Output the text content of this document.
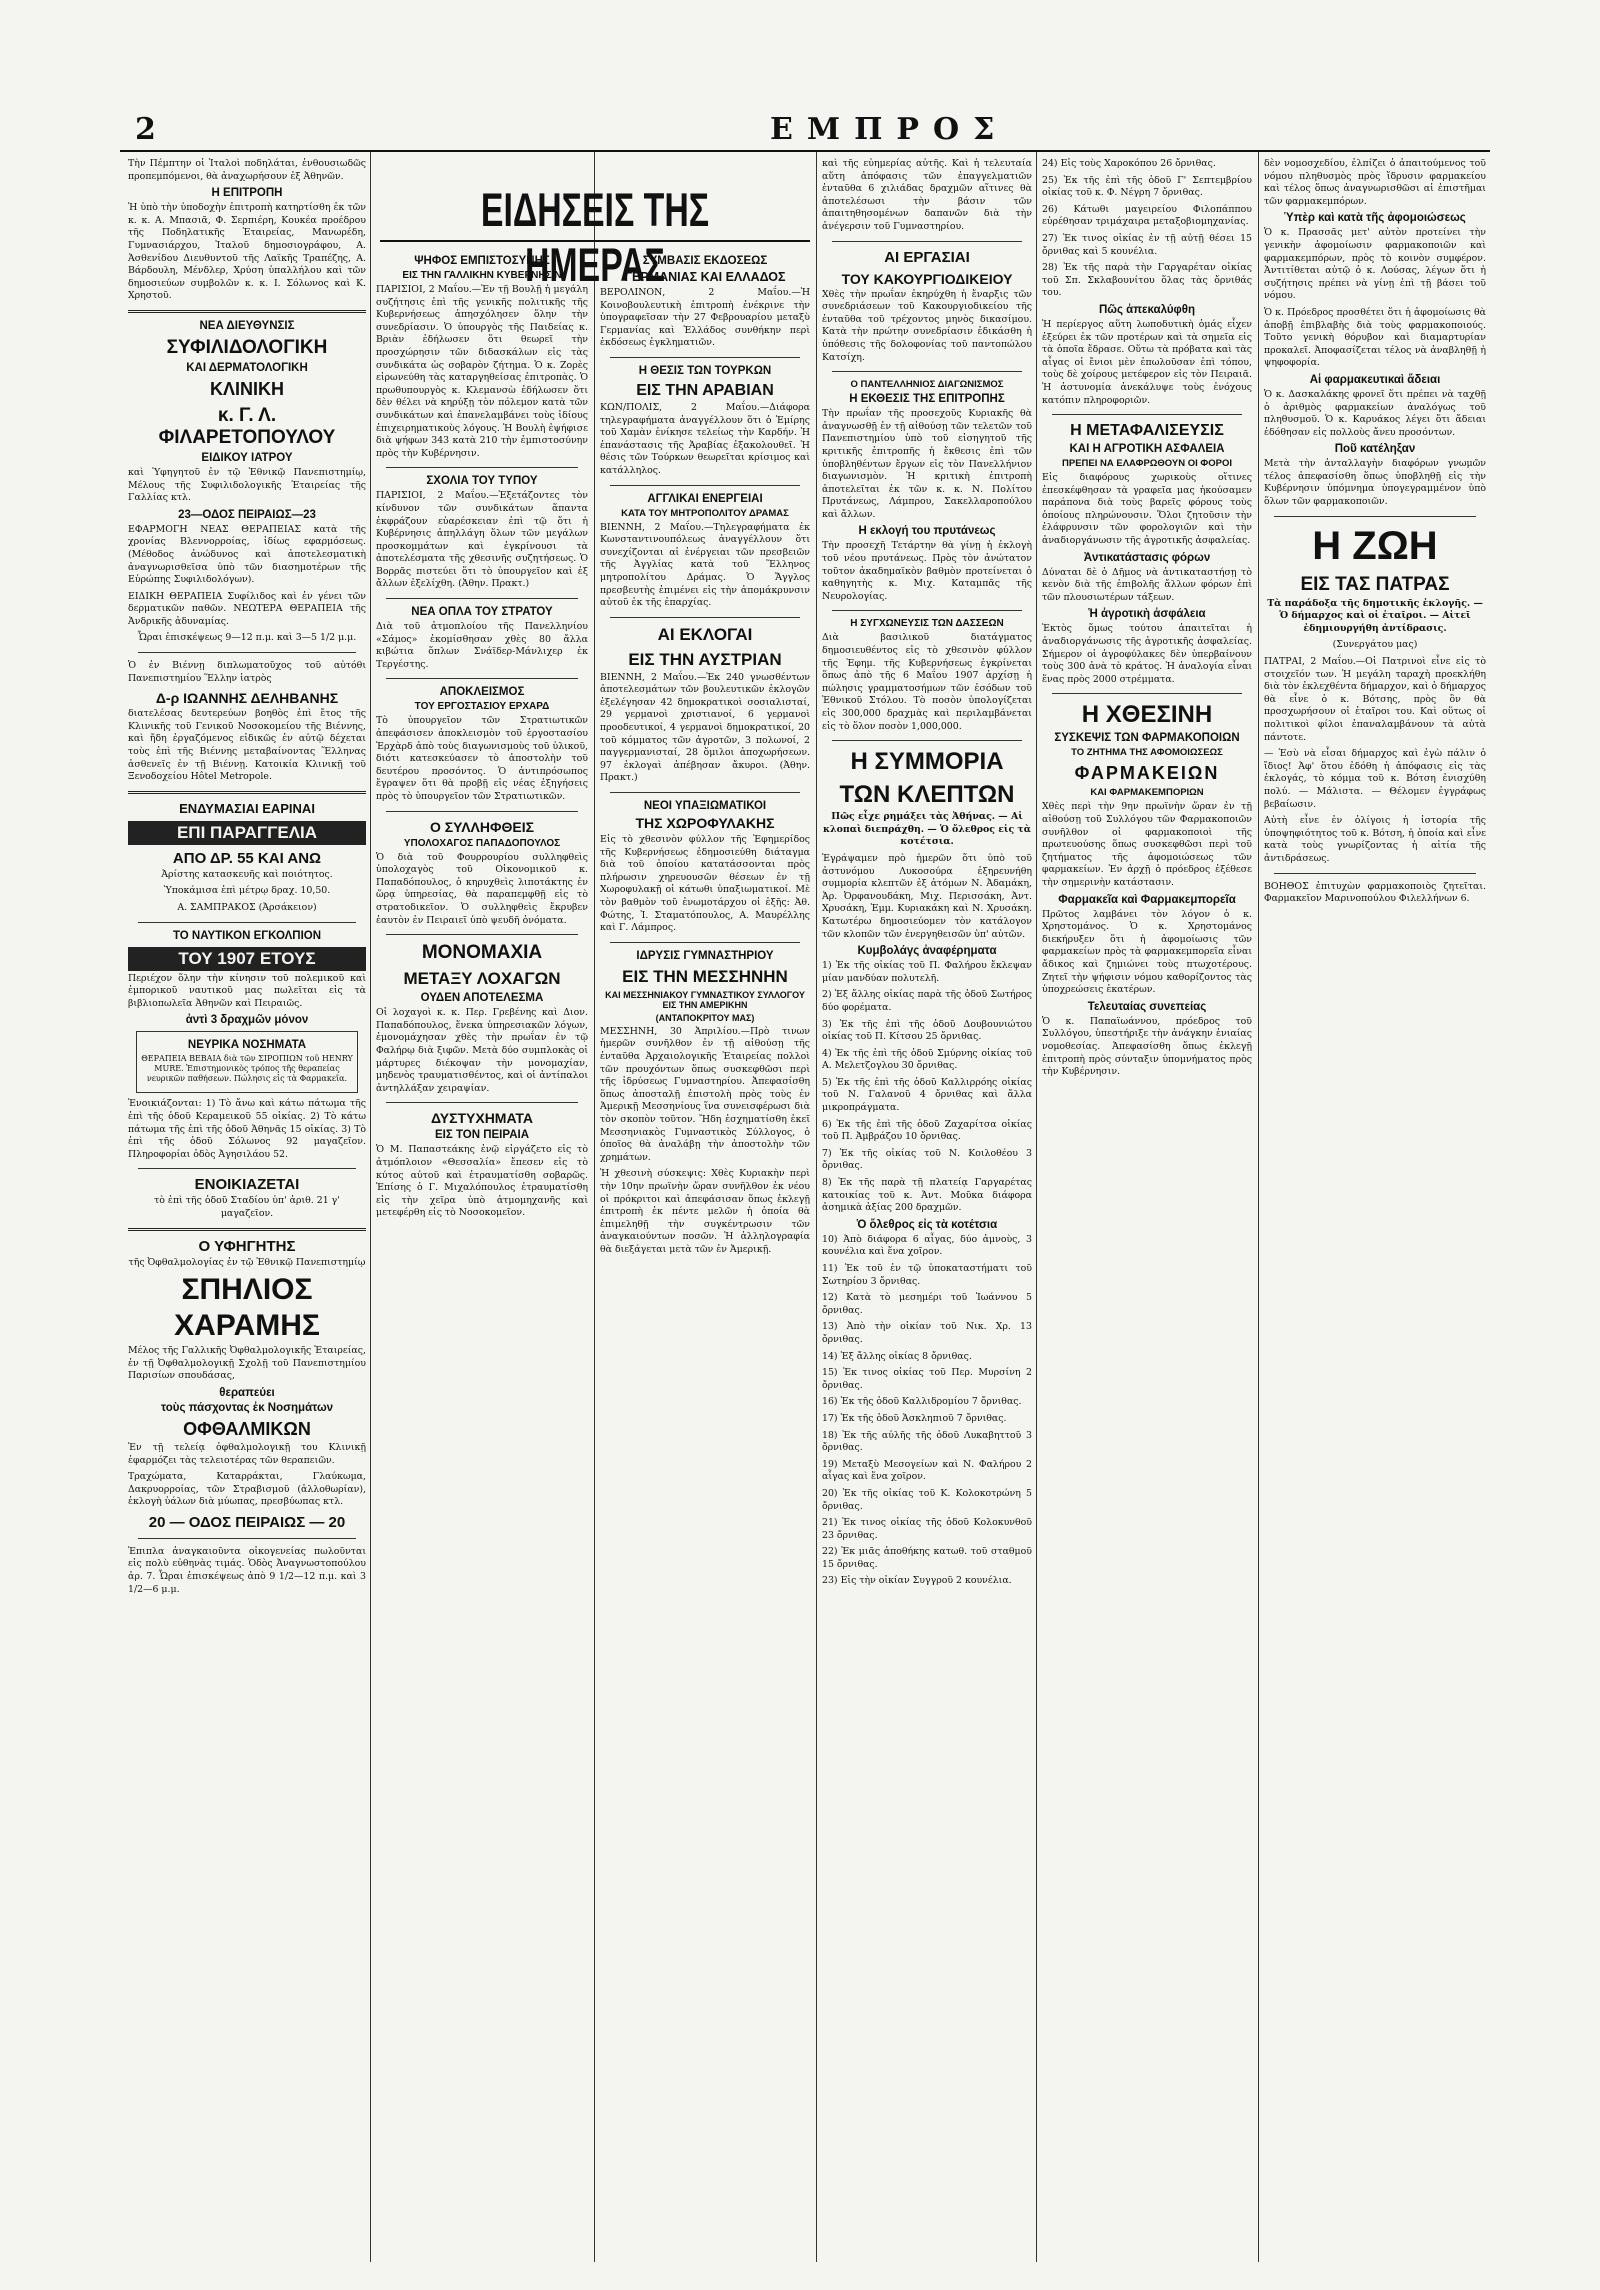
2	ΕΜΠΡΟΣ

Τὴν Πέμπτην οἱ Ἰταλοὶ ποδηλάται, ἐνθουσιωδῶς προπεμπόμενοι, θὰ ἀναχωρήσουν ἐξ Ἀθηνῶν.

Η ΕΠΙΤΡΟΠΗ

Ἡ ὑπὸ τὴν ὑποδοχὴν ἐπιτροπὴ κατηρτίσθη ἐκ τῶν κ. κ. Α. Μπασιᾶ, Φ. Σερπιέρη, Κουκέα προέδρου τῆς Ποδηλατικῆς Ἑταιρείας, Μανωρέδη, Γυμνασιάρχου, Ἰταλοῦ δημοσιογράφου, Α. Ἀσθενίδου Διευθυντοῦ τῆς Λαϊκῆς Τραπέζης, Α. Βάρδουλη, Μένδλερ, Χρύση ὑπαλλήλου καὶ τῶν δημοσιεύων συμβολῶν κ. κ. Ι. Σόλωνος καὶ Κ. Χρηστοῦ.

ΝΕΑ ΔΙΕΥΘΥΝΣΙΣ
ΣΥΦΙΛΙΔΟΛΟΓΙΚΗ
ΚΑΙ ΔΕΡΜΑΤΟΛΟΓΙΚΗ
ΚΛΙΝΙΚΗ
κ. Γ. Λ. ΦΙΛΑΡΕΤΟΠΟΥΛΟΥ
ΕΙΔΙΚΟΥ ΙΑΤΡΟΥ

καὶ Ὑφηγητοῦ ἐν τῷ Ἐθνικῷ Πανεπιστημίῳ, Μέλους τῆς Συφιλιδολογικῆς Ἑταιρείας τῆς Γαλλίας κτλ.

23—ΟΔΟΣ ΠΕΙΡΑΙΩΣ—23

ΕΦΑΡΜΟΓΗ ΝΕΑΣ ΘΕΡΑΠΕΙΑΣ κατὰ τῆς χρονίας Βλεννορροίας, ἰδίως εφαρμόσεως. (Μέθοδος ἀνώδυνος καὶ ἀποτελεσματικὴ ἀναγνωρισθεῖσα ὑπὸ τῶν διασημοτέρων τῆς Εὐρώπης Συφιλιδολόγων).

ΕΙΔΙΚΗ ΘΕΡΑΠΕΙΑ Συφίλιδος καὶ ἐν γένει τῶν δερματικῶν παθῶν. ΝΕΩΤΕΡΑ ΘΕΡΑΠΕΙΑ τῆς Ἀνδρικῆς ἀδυναμίας.

Ὧραι ἐπισκέψεως 9—12 π.μ. καὶ 3—5 1/2 μ.μ.

Ὁ ἐν Βιέννῃ διπλωματοῦχος τοῦ αὐτόθι Πανεπιστημίου Ἕλλην ἰατρὸς

Δ-ρ ΙΩΑΝΝΗΣ ΔΕΛΗΒΑΝΗΣ

διατελέσας δευτερεύων βοηθὸς ἐπὶ ἔτος τῆς Κλινικῆς τοῦ Γενικοῦ Νοσοκομείου τῆς Βιέννης, καὶ ἤδη ἐργαζόμενος εἰδικῶς ἐν αὐτῷ δέχεται τοὺς ἐπὶ τῆς Βιέννης μεταβαίνοντας Ἕλληνας ἀσθενεῖς ἐν τῇ Βιέννῃ. Κατοικία Κλινικῇ τοῦ Ξενοδοχείου Hôtel Metropole.

ΕΝΔΥΜΑΣΙΑΙ ΕΑΡΙΝΑΙ
ΕΠΙ ΠΑΡΑΓΓΕΛΙΑ
ΑΠΟ ΔΡ. 55 ΚΑΙ ΑΝΩ

Ἀρίστης κατασκευῆς καὶ ποιότητος.

Ὑποκάμισα ἐπὶ μέτρῳ δραχ. 10,50.

Α. ΣΑΜΠΡΑΚΟΣ (Ἀρσάκειον)

ΤΟ ΝΑΥΤΙΚΟΝ ΕΓΚΟΛΠΙΟΝ
ΤΟΥ 1907 ΕΤΟΥΣ

Περιέχον ὅλην τὴν κίνησιν τοῦ πολεμικοῦ καὶ ἐμπορικοῦ ναυτικοῦ μας πωλεῖται εἰς τὰ βιβλιοπωλεῖα Ἀθηνῶν καὶ Πειραιῶς.

ἀντὶ 3 δραχμῶν μόνον
ΝΕΥΡΙΚΑ ΝΟΣΗΜΑΤΑ

ΘΕΡΑΠΕΙΑ ΒΕΒΑΙΑ διὰ τῶν ΣΙΡΟΠΙΩΝ τοῦ HENRY MURE. Ἐπιστημονικὸς τρόπος τῆς θεραπείας νευρικῶν παθήσεων. Πώλησις εἰς τὰ Φαρμακεῖα.

Ἐνοικιάζονται: 1) Τὸ ἄνω καὶ κάτω πάτωμα τῆς ἐπὶ τῆς ὁδοῦ Κεραμεικοῦ 55 οἰκίας. 2) Τὸ κάτω πάτωμα τῆς ἐπὶ τῆς ὁδοῦ Ἀθηνᾶς 15 οἰκίας. 3) Τὸ ἐπὶ τῆς ὁδοῦ Σόλωνος 92 μαγαζεῖον. Πληροφορίαι ὁδὸς Ἀγησιλάου 52.

ΕΝΟΙΚΙΑΖΕΤΑΙ

τὸ ἐπὶ τῆς ὁδοῦ Σταδίου ὑπ' ἀριθ. 21 γ' μαγαζεῖον.

Ο ΥΦΗΓΗΤΗΣ

τῆς Ὀφθαλμολογίας ἐν τῷ Ἐθνικῷ Πανεπιστημίῳ

ΣΠΗΛΙΟΣ
ΧΑΡΑΜΗΣ

Μέλος τῆς Γαλλικῆς Ὀφθαλμολογικῆς Ἑταιρείας, ἐν τῇ Ὀφθαλμολογικῇ Σχολῇ τοῦ Πανεπιστημίου Παρισίων σπουδάσας,

θεραπεύει
τοὺς πάσχοντας ἐκ Νοσημάτων
ΟΦΘΑΛΜΙΚΩΝ

Ἐν τῇ τελείᾳ ὀφθαλμολογικῇ του Κλινικῇ ἐφαρμόζει τὰς τελειοτέρας τῶν θεραπειῶν.

Τραχώματα, Καταρράκται, Γλαύκωμα, Δακρυορροίας, τῶν Στραβισμοῦ (ἀλλοθωρίαν), ἐκλογὴ ὑάλων διὰ μύωπας, πρεσβύωπας κτλ.

20 — ΟΔΟΣ ΠΕΙΡΑΙΩΣ — 20

Ἐπιπλα ἀναγκαιοῦντα οἰκογενείας πωλοῦνται εἰς πολὺ εὐθηνὰς τιμάς. Ὁδὸς Ἀναγνωστοπούλου ἀρ. 7. Ὧραι ἐπισκέψεως ἀπὸ 9 1/2—12 π.μ. καὶ 3 1/2—6 μ.μ.

ΕΙΔΗΣΕΙΣ ΤΗΣ ΗΜΕΡΑΣ
ΨΗΦΟΣ ΕΜΠΙΣΤΟΣΥΝΗΣ
ΕΙΣ ΤΗΝ ΓΑΛΛΙΚΗΝ ΚΥΒΕΡΝΗΣΙΝ

ΠΑΡΙΣΙΟΙ, 2 Μαΐου.—Ἐν τῇ Βουλῇ ἡ μεγάλη συζήτησις ἐπὶ τῆς γενικῆς πολιτικῆς τῆς Κυβερνήσεως ἀπησχόλησεν ὅλην τὴν συνεδρίασιν. Ὁ ὑπουργὸς τῆς Παιδείας κ. Βριὰν ἐδήλωσεν ὅτι θεωρεῖ τὴν προσχώρησιν τῶν διδασκάλων εἰς τὰς συνδικάτα ὡς σοβαρὸν ζήτημα. Ὁ κ. Ζορὲς εἰρωνεύθη τὰς καταργηθείσας ἐπιτροπὰς. Ὁ πρωθυπουργὸς κ. Κλεμανσὼ ἐδήλωσεν ὅτι δὲν θέλει νὰ κηρύξῃ τὸν πόλεμον κατὰ τῶν συνδικάτων καὶ ἐπανελαμβάνει τοὺς ἰδίους ἐπιχειρηματικοὺς λόγους. Ἡ Βουλὴ ἐψήφισε διὰ ψήφων 343 κατὰ 210 τὴν ἐμπιστοσύνην πρὸς τὴν Κυβέρνησιν.

ΣΧΟΛΙΑ ΤΟΥ ΤΥΠΟΥ

ΠΑΡΙΣΙΟΙ, 2 Μαΐου.—Ἐξετάζοντες τὸν κίνδυνον τῶν συνδικάτων ἅπαντα ἐκφράζουν εὐαρέσκειαν ἐπὶ τῷ ὅτι ἡ Κυβέρνησις ἀπηλλάγη ὅλων τῶν μεγάλων προσκομμάτων καὶ ἐγκρίνουσι τὰ ἀποτελέσματα τῆς χθεσινῆς συζητήσεως. Ὁ Βορρᾶς πιστεύει ὅτι τὸ ὑπουργεῖον καὶ ἐξ ἄλλων ἐξελίχθη. (Ἀθην. Πρακτ.)

ΝΕΑ ΟΠΛΑ ΤΟΥ ΣΤΡΑΤΟΥ

Διὰ τοῦ ἀτμοπλοίου τῆς Πανελληνίου «Σάμος» ἐκομίσθησαν χθὲς 80 ἄλλα κιβώτια ὅπλων Σνάϊδερ-Μάνλιχερ ἐκ Τεργέστης.

ΑΠΟΚΛΕΙΣΜΟΣ
ΤΟΥ ΕΡΓΟΣΤΑΣΙΟΥ ΕΡΧΑΡΔ

Τὸ ὑπουργεῖον τῶν Στρατιωτικῶν ἀπεφάσισεν ἀποκλεισμὸν τοῦ ἐργοστασίου Ἐρχὰρδ ἀπὸ τοὺς διαγωνισμοὺς τοῦ ὑλικοῦ, διότι κατεσκεύασεν τὸ ἀποστολὴν τοῦ δευτέρου προσόντος. Ὁ ἀντιπρόσωπος ἔγραψεν ὅτι θὰ προβῇ εἰς νέας ἐξηγήσεις πρὸς τὸ ὑπουργεῖον τῶν Στρατιωτικῶν.

Ο ΣΥΛΛΗΦΘΕΙΣ
ΥΠΟΛΟΧΑΓΟΣ ΠΑΠΑΔΟΠΟΥΛΟΣ

Ὁ διὰ τοῦ Φουρρουρίου συλληφθεὶς ὑπολοχαγὸς τοῦ Οἰκονομικοῦ κ. Παπαδόπουλος, ὁ κηρυχθεὶς λιποτάκτης ἐν ὥρᾳ ὑπηρεσίας, θὰ παραπεμφθῇ εἰς τὸ στρατοδικεῖον. Ὁ συλληφθεὶς ἔκρυβεν ἑαυτὸν ἐν Πειραιεῖ ὑπὸ ψευδῆ ὀνόματα.

ΜΟΝΟΜΑΧΙΑ
ΜΕΤΑΞΥ ΛΟΧΑΓΩΝ
ΟΥΔΕΝ ΑΠΟΤΕΛΕΣΜΑ

Οἱ λοχαγοὶ κ. κ. Περ. Γρεβένης καὶ Διον. Παπαδόπουλος, ἕνεκα ὑπηρεσιακῶν λόγων, ἐμονομάχησαν χθὲς τὴν πρωΐαν ἐν τῷ Φαλήρῳ διὰ ξιφῶν. Μετὰ δύο συμπλοκὰς οἱ μάρτυρες διέκοψαν τὴν μονομαχίαν, μηδενὸς τραυματισθέντος, καὶ οἱ ἀντίπαλοι ἀντηλλάξαν χειραψίαν.

ΔΥΣΤΥΧΗΜΑΤΑ
ΕΙΣ ΤΟΝ ΠΕΙΡΑΙΑ

Ὁ Μ. Παπαστεάκης ἐνῷ εἰργάζετο εἰς τὸ ἀτμόπλοιον «Θεσσαλία» ἔπεσεν εἰς τὸ κύτος αὐτοῦ καὶ ἐτραυματίσθη σοβαρῶς. Ἐπίσης ὁ Γ. Μιχαλόπουλος ἐτραυματίσθη εἰς τὴν χεῖρα ὑπὸ ἀτμομηχανῆς καὶ μετεφέρθη εἰς τὸ Νοσοκομεῖον.

ΣΥΜΒΑΣΙΣ ΕΚΔΟΣΕΩΣ
ΓΕΡΜΑΝΙΑΣ ΚΑΙ ΕΛΛΑΔΟΣ

ΒΕΡΟΛΙΝΟΝ, 2 Μαΐου.—Ἡ Κοινοβουλευτικὴ ἐπιτροπὴ ἐνέκρινε τὴν ὑπογραφεῖσαν τὴν 27 Φεβρουαρίου μεταξὺ Γερμανίας καὶ Ἑλλάδος συνθήκην περὶ ἐκδόσεως ἐγκληματιῶν.

Η ΘΕΣΙΣ ΤΩΝ ΤΟΥΡΚΩΝ
ΕΙΣ ΤΗΝ ΑΡΑΒΙΑΝ

ΚΩΝ/ΠΟΛΙΣ, 2 Μαΐου.—Διάφορα τηλεγραφήματα ἀναγγέλλουν ὅτι ὁ Ἐμίρης τοῦ Χαμὰν ἐνίκησε τελείως τὴν Καρδήν. Ἡ ἐπανάστασις τῆς Ἀραβίας ἐξακολουθεῖ. Ἡ θέσις τῶν Τούρκων θεωρεῖται κρίσιμος καὶ κατάλληλος.

ΑΓΓΛΙΚΑΙ ΕΝΕΡΓΕΙΑΙ
ΚΑΤΑ ΤΟΥ ΜΗΤΡΟΠΟΛΙΤΟΥ ΔΡΑΜΑΣ

ΒΙΕΝΝΗ, 2 Μαΐου.—Τηλεγραφήματα ἐκ Κωνσταντινουπόλεως ἀναγγέλλουν ὅτι συνεχίζονται αἱ ἐνέργειαι τῶν πρεσβειῶν τῆς Ἀγγλίας κατὰ τοῦ Ἕλληνος μητροπολίτου Δράμας. Ὁ Ἄγγλος πρεσβευτὴς ἐπιμένει εἰς τὴν ἀπομάκρυνσιν αὐτοῦ ἐκ τῆς ἐπαρχίας.

ΑΙ ΕΚΛΟΓΑΙ
ΕΙΣ ΤΗΝ ΑΥΣΤΡΙΑΝ

ΒΙΕΝΝΗ, 2 Μαΐου.—Ἐκ 240 γνωσθέντων ἀποτελεσμάτων τῶν βουλευτικῶν ἐκλογῶν ἐξελέγησαν 42 δημοκρατικοὶ σοσιαλισταί, 29 γερμανοὶ χριστιανοί, 6 γερμανοὶ προοδευτικοί, 4 γερμανοὶ δημοκρατικοί, 20 τοῦ κόμματος τῶν ἀγροτῶν, 3 πολωνοί, 2 παγγερμανισταί, 28 ὅμιλοι ἀποχωρήσεων. 97 ἐκλογαὶ ἀπέβησαν ἄκυροι. (Ἀθην. Πρακτ.)

ΝΕΟΙ ΥΠΑΞΙΩΜΑΤΙΚΟΙ
ΤΗΣ ΧΩΡΟΦΥΛΑΚΗΣ

Εἰς τὸ χθεσινὸν φύλλον τῆς Ἐφημερίδος τῆς Κυβερνήσεως ἐδημοσιεύθη διάταγμα διὰ τοῦ ὁποίου κατατάσσονται πρὸς πλήρωσιν χηρευουσῶν θέσεων ἐν τῇ Χωροφυλακῇ οἱ κάτωθι ὑπαξιωματικοί. Μὲ τὸν βαθμὸν τοῦ ἐνωμοτάρχου οἱ ἑξῆς: Ἀθ. Φώτης, Ἰ. Σταματόπουλος, Α. Μαυρέλλης καὶ Γ. Λάμπρος.

ΙΔΡΥΣΙΣ ΓΥΜΝΑΣΤΗΡΙΟΥ
ΕΙΣ ΤΗΝ ΜΕΣΣΗΝΗΝ
ΚΑΙ ΜΕΣΣΗΝΙΑΚΟΥ ΓΥΜΝΑΣΤΙΚΟΥ ΣΥΛΛΟΓΟΥ ΕΙΣ ΤΗΝ ΑΜΕΡΙΚΗΝ
(ΑΝΤΑΠΟΚΡΙΤΟΥ ΜΑΣ)

ΜΕΣΣΗΝΗ, 30 Ἀπριλίου.—Πρὸ τινων ἡμερῶν συνῆλθον ἐν τῇ αἰθούσῃ τῆς ἐνταῦθα Ἀρχαιολογικῆς Ἑταιρείας πολλοὶ τῶν προυχόντων ὅπως συσκεφθῶσι περὶ τῆς ἱδρύσεως Γυμναστηρίου. Ἀπεφασίσθη ὅπως ἀποσταλῇ ἐπιστολὴ πρὸς τοὺς ἐν Ἀμερικῇ Μεσσηνίους ἵνα συνεισφέρωσι διὰ τὸν σκοπὸν τοῦτον. Ἤδη ἐσχηματίσθη ἐκεῖ Μεσσηνιακὸς Γυμναστικὸς Σύλλογος, ὁ ὁποῖος θὰ ἀναλάβῃ τὴν ἀποστολὴν τῶν χρημάτων.

Ἡ χθεσινὴ σύσκεψις: Χθὲς Κυριακὴν περὶ τὴν 10ην πρωϊνὴν ὥραν συνῆλθον ἐκ νέου οἱ πρόκριτοι καὶ ἀπεφάσισαν ὅπως ἐκλεγῇ ἐπιτροπὴ ἐκ πέντε μελῶν ἡ ὁποία θὰ ἐπιμεληθῇ τὴν συγκέντρωσιν τῶν ἀναγκαιούντων ποσῶν. Ἡ ἀλληλογραφία θὰ διεξάγεται μετὰ τῶν ἐν Ἀμερικῇ.

καὶ τῆς εὐημερίας αὐτῆς. Καὶ ἡ τελευταία αὕτη ἀπόφασις τῶν ἐπαγγελματιῶν ἐνταῦθα 6 χιλιάδας δραχμῶν αἵτινες θὰ ἀποτελέσωσι τὴν βάσιν τῶν ἀπαιτηθησομένων δαπανῶν διὰ τὴν ἀνέγερσιν τοῦ Γυμναστηρίου.

ΑΙ ΕΡΓΑΣΙΑΙ
ΤΟΥ ΚΑΚΟΥΡΓΙΟΔΙΚΕΙΟΥ

Χθὲς τὴν πρωΐαν ἐκηρύχθη ἡ ἔναρξις τῶν συνεδριάσεων τοῦ Κακουργιοδικείου τῆς ἐνταῦθα τοῦ τρέχοντος μηνὸς δικασίμου. Κατὰ τὴν πρώτην συνεδρίασιν ἐδικάσθη ἡ ὑπόθεσις τῆς δολοφονίας τοῦ παντοπώλου Κατσίχη.

Ο ΠΑΝΤΕΛΛΗΝΙΟΣ ΔΙΑΓΩΝΙΣΜΟΣ
Η ΕΚΘΕΣΙΣ ΤΗΣ ΕΠΙΤΡΟΠΗΣ

Τὴν πρωΐαν τῆς προσεχοῦς Κυριακῆς θὰ ἀναγνωσθῇ ἐν τῇ αἰθούσῃ τῶν τελετῶν τοῦ Πανεπιστημίου ὑπὸ τοῦ εἰσηγητοῦ τῆς κριτικῆς ἐπιτροπῆς ἡ ἔκθεσις ἐπὶ τῶν ὑποβληθέντων ἔργων εἰς τὸν Πανελλήνιον διαγωνισμὸν. Ἡ κριτικὴ ἐπιτροπὴ ἀποτελεῖται ἐκ τῶν κ. κ. Ν. Πολίτου Πρυτάνεως, Λάμπρου, Σακελλαροπούλου καὶ ἄλλων.

Η εκλογή του πρυτάνεως

Τὴν προσεχῆ Τετάρτην θὰ γίνῃ ἡ ἐκλογὴ τοῦ νέου πρυτάνεως. Πρὸς τὸν ἀνώτατον τοῦτον ἀκαδημαϊκὸν βαθμὸν προτείνεται ὁ καθηγητὴς κ. Μιχ. Καταμπᾶς τῆς Νευρολογίας.

Η ΣΥΓΧΩΝΕΥΣΙΣ ΤΩΝ ΔΑΣΣΕΩΝ

Διὰ βασιλικοῦ διατάγματος δημοσιευθέντος εἰς τὸ χθεσινὸν φύλλον τῆς Ἐφημ. τῆς Κυβερνήσεως ἐγκρίνεται ὅπως ἀπὸ τῆς 6 Μαΐου 1907 ἀρχίσῃ ἡ πώλησις γραμματοσήμων τῶν ἐσόδων τοῦ Ἐθνικοῦ Στόλου. Τὸ ποσὸν ὑπολογίζεται εἰς 300,000 δραχμὰς καὶ περιλαμβάνεται εἰς τὸ ὅλον ποσὸν 1,000,000.

Η ΣΥΜΜΟΡΙΑ
ΤΩΝ ΚΛΕΠΤΩΝ

Πῶς εἶχε ρημάξει τὰς Ἀθήνας. — Αἱ κλοπαὶ διεπράχθη. — Ὁ ὄλεθρος εἰς τὰ κοτέτσια.

Ἐγράψαμεν πρὸ ἡμερῶν ὅτι ὑπὸ τοῦ ἀστυνόμου Λυκοσούρα ἐξηρευνήθη συμμορία κλεπτῶν ἐξ ἀτόμων Ν. Ἀδαμάκη, Ἀρ. Ὀρφανουδάκη, Μιχ. Περισσάκη, Ἀντ. Χρυσάκη, Ἐμμ. Κυριακάκη καὶ Ν. Χρυσάκη. Κατωτέρω δημοσιεύομεν τὸν κατάλογον τῶν κλοπῶν τῶν ἐνεργηθεισῶν ὑπ' αὐτῶν.

Κυμβολάγς ἀναφέρηματα

1) Ἐκ τῆς οἰκίας τοῦ Π. Φαλήρου ἔκλεψαν μίαν μανδύαν πολυτελῆ.

2) Ἐξ ἄλλης οἰκίας παρὰ τῆς ὁδοῦ Σωτήρος δύο φορέματα.

3) Ἐκ τῆς ἐπὶ τῆς ὁδοῦ Δουβουνιώτου οἰκίας τοῦ Π. Κίτσου 25 ὄρνιθας.

4) Ἐκ τῆς ἐπὶ τῆς ὁδοῦ Σμύρνης οἰκίας τοῦ Α. Μελετζογλου 30 ὄρνιθας.

5) Ἐκ τῆς ἐπὶ τῆς ὁδοῦ Καλλιρρόης οἰκίας τοῦ Ν. Γαλανοῦ 4 ὄρνιθας καὶ ἄλλα μικροπράγματα.

6) Ἐκ τῆς ἐπὶ τῆς ὁδοῦ Ζαχαρίτσα οἰκίας τοῦ Π. Ἀμβράζου 10 ὄρνιθας.

7) Ἐκ τῆς οἰκίας τοῦ Ν. Κοιλοθέου 3 ὄρνιθας.

8) Ἐκ τῆς παρὰ τῇ πλατείᾳ Γαργαρέτας κατοικίας τοῦ κ. Ἀντ. Μοῦκα διάφορα ἀσημικὰ ἀξίας 200 δραχμῶν.

Ὁ ὄλεθρος εἰς τὰ κοτέτσια

10) Ἀπὸ διάφορα 6 αἶγας, δύο ἀμνοὺς, 3 κουνέλια καὶ ἕνα χοῖρον.

11) Ἐκ τοῦ ἐν τῷ ὑποκαταστήματι τοῦ Σωτηρίου 3 ὄρνιθας.

12) Κατὰ τὸ μεσημέρι τοῦ Ἰωάννου 5 ὄρνιθας.

13) Ἀπὸ τὴν οἰκίαν τοῦ Νικ. Χρ. 13 ὄρνιθας.

14) Ἐξ ἄλλης οἰκίας 8 ὄρνιθας.

15) Ἐκ τινος οἰκίας τοῦ Περ. Μυρσίνη 2 ὄρνιθας.

16) Ἐκ τῆς ὁδοῦ Καλλιδρομίου 7 ὄρνιθας.

17) Ἐκ τῆς ὁδοῦ Ἀσκληπιοῦ 7 ὄρνιθας.

18) Ἐκ τῆς αὐλῆς τῆς ὁδοῦ Λυκαβηττοῦ 3 ὄρνιθας.

19) Μεταξὺ Μεσογείων καὶ Ν. Φαλήρου 2 αἶγας καὶ ἕνα χοῖρον.

20) Ἐκ τῆς οἰκίας τοῦ Κ. Κολοκοτρώνη 5 ὄρνιθας.

21) Ἐκ τινος οἰκίας τῆς ὁδοῦ Κολοκυνθοῦ 23 ὄρνιθας.

22) Ἐκ μιᾶς ἀποθήκης κατωθ. τοῦ σταθμοῦ 15 ὄρνιθας.

23) Εἰς τὴν οἰκίαν Συγγροῦ 2 κουνέλια.

24) Εἰς τοὺς Χαροκόπου 26 ὄρνιθας.

25) Ἐκ τῆς ἐπὶ τῆς ὁδοῦ Γ' Σεπτεμβρίου οἰκίας τοῦ κ. Φ. Νέγρη 7 ὄρνιθας.

26) Κάτωθι μαγειρείου Φιλοπάππου εὑρέθησαν τριμάχαιρα μεταξοβιομηχανίας.

27) Ἐκ τινος οἰκίας ἐν τῇ αὐτῇ θέσει 15 ὄρνιθας καὶ 5 κουνέλια.

28) Ἐκ τῆς παρὰ τὴν Γαργαρέταν οἰκίας τοῦ Σπ. Σκλαβουνίτου ὅλας τὰς ὄρνιθάς του.

Πῶς ἀπεκαλύφθη

Ἡ περίεργος αὕτη λωποδυτικὴ ὁμάς εἶχεν ἐξεύρει ἐκ τῶν προτέρων καὶ τὰ σημεῖα εἰς τὰ ὁποῖα ἔδρασε. Οὕτω τὰ πρόβατα καὶ τὰς αἶγας οἱ ἔνιοι μὲν ἐπωλοῦσαν ἐπὶ τόπου, τοὺς δὲ χοίρους μετέφερον εἰς τὸν Πειραιᾶ. Ἡ ἀστυνομία ἀνεκάλυψε τοὺς ἐνόχους κατόπιν πληροφοριῶν.

Η ΜΕΤΑΦΑΛΙΣΕΥΣΙΣ
ΚΑΙ Η ΑΓΡΟΤΙΚΗ ΑΣΦΑΛΕΙΑ
ΠΡΕΠΕΙ ΝΑ ΕΛΑΦΡΩΘΟΥΝ ΟΙ ΦΟΡΟΙ

Εἰς διαφόρους χωρικοὺς οἵτινες ἐπεσκέφθησαν τὰ γραφεῖα μας ἠκούσαμεν παράπονα διὰ τοὺς βαρεῖς φόρους τοὺς ὁποίους πληρώνουσιν. Ὅλοι ζητοῦσιν τὴν ἐλάφρυνσιν τῶν φορολογιῶν καὶ τὴν ἀναδιοργάνωσιν τῆς ἀγροτικῆς ἀσφαλείας.

Ἀντικατάστασις φόρων

Δύναται δὲ ὁ Δῆμος νὰ ἀντικαταστήσῃ τὸ κενὸν διὰ τῆς ἐπιβολῆς ἄλλων φόρων ἐπὶ τῶν πλουσιωτέρων τάξεων.

Ἡ ἀγροτικὴ ἀσφάλεια

Ἐκτὸς ὅμως τούτου ἀπαιτεῖται ἡ ἀναδιοργάνωσις τῆς ἀγροτικῆς ἀσφαλείας. Σήμερον οἱ ἀγροφύλακες δὲν ὑπερβαίνουν τοὺς 300 ἀνὰ τὸ κράτος. Ἡ ἀναλογία εἶναι ἕνας πρὸς 2000 στρέμματα.

Η ΧΘΕΣΙΝΗ
ΣΥΣΚΕΨΙΣ ΤΩΝ ΦΑΡΜΑΚΟΠΟΙΩΝ
ΤΟ ΖΗΤΗΜΑ ΤΗΣ ΑΦΟΜΟΙΩΣΕΩΣ
ΦΑΡΜΑΚΕΙΩΝ
ΚΑΙ ΦΑΡΜΑΚΕΜΠΟΡΙΩΝ

Χθὲς περὶ τὴν 9ην πρωϊνὴν ὥραν ἐν τῇ αἰθούσῃ τοῦ Συλλόγου τῶν Φαρμακοποιῶν συνῆλθον οἱ φαρμακοποιοὶ τῆς πρωτευούσης ὅπως συσκεφθῶσι περὶ τοῦ ζητήματος τῆς ἀφομοιώσεως τῶν φαρμακείων. Ἐν ἀρχῇ ὁ πρόεδρος ἐξέθεσε τὴν σημερινὴν κατάστασιν.

Φαρμακεῖα καὶ Φαρμακεμπορεῖα

Πρῶτος λαμβάνει τὸν λόγον ὁ κ. Χρηστομάνος. Ὁ κ. Χρηστομάνος διεκήρυξεν ὅτι ἡ ἀφομοίωσις τῶν φαρμακείων πρὸς τὰ φαρμακεμπορεῖα εἶναι ἄδικος καὶ ζημιώνει τοὺς πτωχοτέρους. Ζητεῖ τὴν ψήφισιν νόμου καθορίζοντος τὰς ὑποχρεώσεις ἑκατέρων.

Τελευταίας συνεπείας

Ὁ κ. Παπαϊωάννου, πρόεδρος τοῦ Συλλόγου, ὑπεστήριξε τὴν ἀνάγκην ἑνιαίας νομοθεσίας. Ἀπεφασίσθη ὅπως ἐκλεγῇ ἐπιτροπὴ πρὸς σύνταξιν ὑπομνήματος πρὸς τὴν Κυβέρνησιν.

δὲν νομοσχεδίου, ἐλπίζει ὁ ἀπαιτούμενος τοῦ νόμου πληθυσμὸς πρὸς ἵδρυσιν φαρμακείου καὶ τέλος ὅπως ἀναγνωρισθῶσι αἱ ἐπιστῆμαι τῶν φαρμακεμπόρων.

Ὑπὲρ καὶ κατὰ τῆς ἀφομοιώσεως

Ὁ κ. Πρασσᾶς μετ' αὐτὸν προτείνει τὴν γενικὴν ἀφομοίωσιν φαρμακοποιῶν καὶ φαρμακεμπόρων, πρὸς τὸ κοινὸν συμφέρον. Ἀντιτίθεται αὐτῷ ὁ κ. Λούσας, λέγων ὅτι ἡ συζήτησις πρέπει νὰ γίνῃ ἐπὶ τῇ βάσει τοῦ νόμου.

Ὁ κ. Πρόεδρος προσθέτει ὅτι ἡ ἀφομοίωσις θὰ ἀποβῇ ἐπιβλαβὴς διὰ τοὺς φαρμακοποιούς. Τοῦτο γενικὴ θόρυβον καὶ διαμαρτυρίαν προκαλεῖ. Ἀποφασίζεται τέλος νὰ ἀναβληθῇ ἡ ψηφοφορία.

Αἱ φαρμακευτικαὶ ἄδειαι

Ὁ κ. Δασκαλάκης φρονεῖ ὅτι πρέπει νὰ ταχθῇ ὁ ἀριθμὸς φαρμακείων ἀναλόγως τοῦ πληθυσμοῦ. Ὁ κ. Καρυάκος λέγει ὅτι ἄδειαι ἐδόθησαν εἰς πολλοὺς ἄνευ προσόντων.

Ποῦ κατέληξαν

Μετὰ τὴν ἀνταλλαγὴν διαφόρων γνωμῶν τέλος ἀπεφασίσθη ὅπως ὑποβληθῇ εἰς τὴν Κυβέρνησιν ὑπόμνημα ὑπογεγραμμένον ὑπὸ ὅλων τῶν φαρμακοποιῶν.

Η ΖΩΗ
ΕΙΣ ΤΑΣ ΠΑΤΡΑΣ

Τὰ παράδοξα τῆς δημοτικῆς ἐκλογῆς. — Ὁ δήμαρχος καὶ οἱ ἑταῖροι. — Αἰτεῖ ἐδημιουργήθη ἀντίδρασις.

(Συνεργάτου μας)

ΠΑΤΡΑΙ, 2 Μαΐου.—Οἱ Πατρινοὶ εἶνε εἰς τὸ στοιχεῖόν των. Ἡ μεγάλη ταραχὴ προεκλήθη διὰ τὸν ἐκλεχθέντα δήμαρχον, καὶ ὁ δήμαρχος θὰ εἶνε ὁ κ. Βότσης, πρὸς ὃν θὰ προσχωρήσουν οἱ ἐταῖροι του. Καὶ οὕτως οἱ πολιτικοὶ φίλοι ἐπαναλαμβάνουν τὰ αὐτὰ πάντοτε.

— Ἐσὺ νὰ εἶσαι δήμαρχος καὶ ἐγὼ πάλιν ὁ ἴδιος! Ἀφ' ὅτου ἐδόθη ἡ ἀπόφασις εἰς τὰς ἐκλογάς, τὸ κόμμα τοῦ κ. Βότση ἐνισχύθη πολύ. — Μάλιστα. — Θέλομεν ἐγγράφως βεβαίωσιν.

Αὐτὴ εἶνε ἐν ὀλίγοις ἡ ἱστορία τῆς ὑποψηφιότητος τοῦ κ. Βότση, ἡ ὁποία καὶ εἶνε κατὰ τοὺς γνωρίζοντας ἡ αἰτία τῆς ἀντιδράσεως.

ΒΟΗΘΟΣ ἐπιτυχὼν φαρμακοποιὸς ζητεῖται. Φαρμακεῖον Μαρινοπούλου Φιλελλήνων 6.
